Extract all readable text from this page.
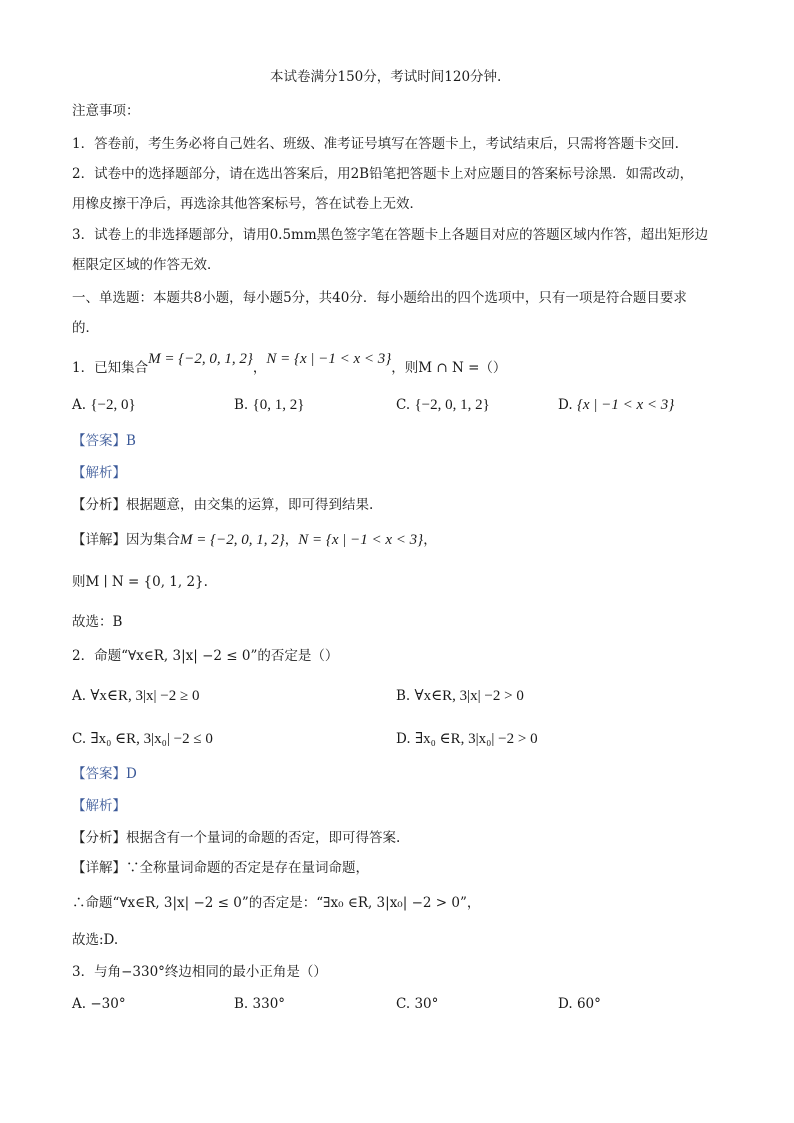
本试卷满分150分，考试时间120分钟.
注意事项：
1．答卷前，考生务必将自己姓名、班级、准考证号填写在答题卡上，考试结束后，只需将答题卡交回.
2．试卷中的选择题部分，请在选出答案后，用2B铅笔把答题卡上对应题目的答案标号涂黑．如需改动，
用橡皮擦干净后，再选涂其他答案标号，答在试卷上无效．
3．试卷上的非选择题部分，请用0.5mm黑色签字笔在答题卡上各题目对应的答题区域内作答，超出矩形边
框限定区域的作答无效．
一、单选题：本题共8小题，每小题5分，共40分．每小题给出的四个选项中，只有一项是符合题目要求
的．
1．已知集合M = {−2, 0, 1, 2}，N = {x | −1 < x < 3}，则M ∩ N =（）
A. {−2, 0}	B. {0, 1, 2}	C. {−2, 0, 1, 2}	D. {x | −1 < x < 3}
【答案】B
【解析】
【分析】根据题意，由交集的运算，即可得到结果.
【详解】因为集合M = {−2, 0, 1, 2}，N = {x | −1 < x < 3}，
则M ∣ N = {0, 1, 2}.
故选：B
2．命题“∀x∈R, 3|x| −2 ≤ 0”的否定是（）
A. ∀x∈R, 3|x| −2 ≥ 0	B. ∀x∈R, 3|x| −2 > 0
C. ∃x₀ ∈R, 3|x₀| −2 ≤ 0	D. ∃x₀ ∈R, 3|x₀| −2 > 0
【答案】D
【解析】
【分析】根据含有一个量词的命题的否定，即可得答案.
【详解】∵全称量词命题的否定是存在量词命题，
∴命题“∀x∈R, 3|x| −2 ≤ 0”的否定是：“∃x₀ ∈R, 3|x₀| −2 > 0”，
故选:D.
3．与角−330°终边相同的最小正角是（）
A. −30°	B. 330°	C. 30°	D. 60°
